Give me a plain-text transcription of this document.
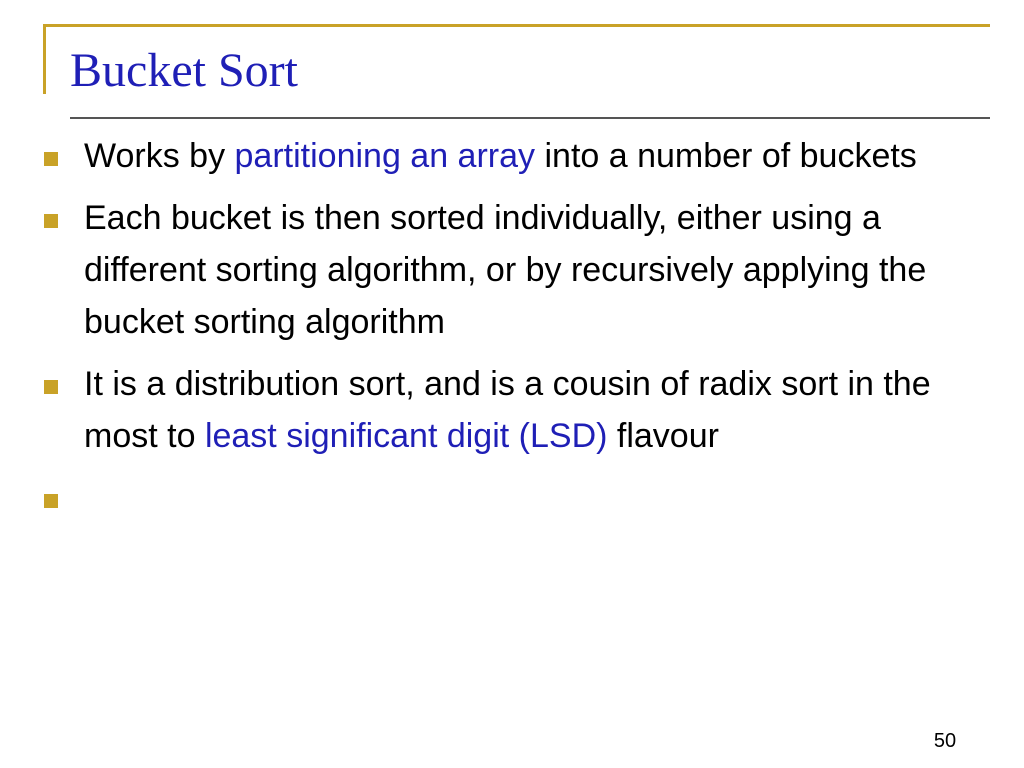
Bucket Sort
Works by partitioning an array into a number of buckets
Each bucket is then sorted individually, either using a different sorting algorithm, or by recursively applying the bucket sorting algorithm
It is a distribution sort, and is a cousin of radix sort in the most to least significant digit (LSD) flavour
50
